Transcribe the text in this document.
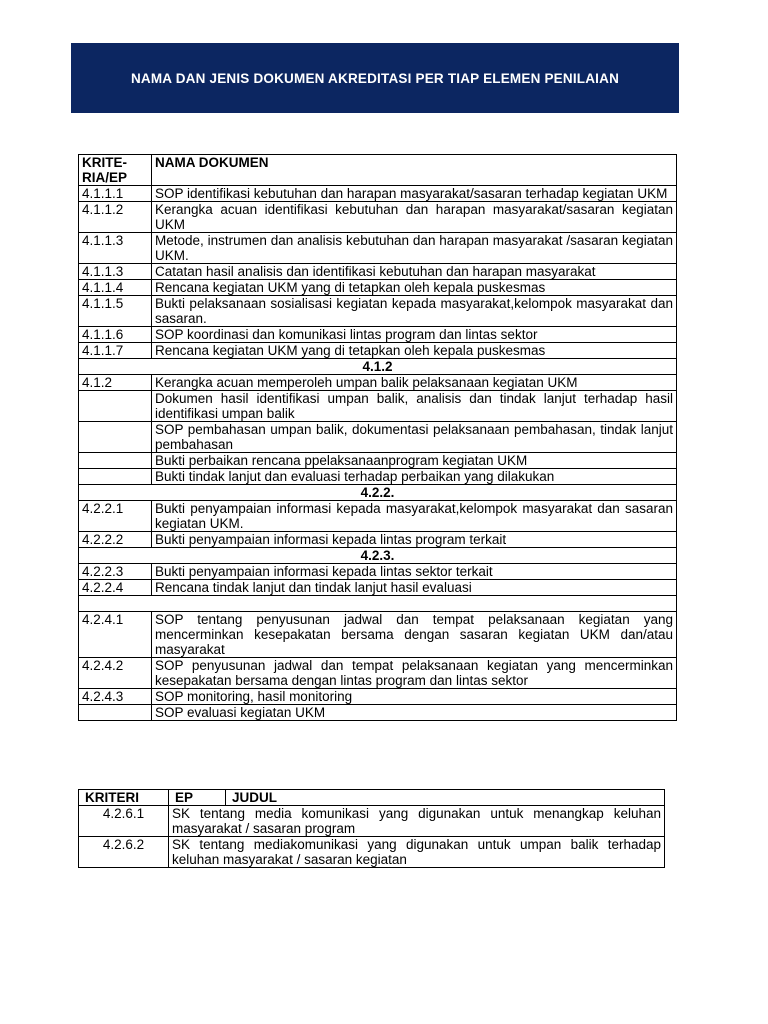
NAMA DAN JENIS DOKUMEN AKREDITASI PER TIAP ELEMEN PENILAIAN
KRITE-
RIA/EP	NAMA DOKUMEN
4.1.1.1	SOP identifikasi kebutuhan dan harapan masyarakat/sasaran terhadap kegiatan UKM
4.1.1.2	Kerangka acuan identifikasi kebutuhan dan harapan masyarakat/sasaran kegiatan UKM
4.1.1.3	Metode, instrumen dan analisis kebutuhan dan harapan masyarakat /sasaran kegiatan UKM.
4.1.1.3	Catatan hasil analisis dan identifikasi kebutuhan dan harapan masyarakat
4.1.1.4	Rencana kegiatan UKM yang di tetapkan oleh kepala puskesmas
4.1.1.5	Bukti pelaksanaan sosialisasi kegiatan kepada masyarakat,kelompok masyarakat dan sasaran.
4.1.1.6	SOP koordinasi dan komunikasi lintas program dan lintas sektor
4.1.1.7	Rencana kegiatan UKM yang di tetapkan oleh kepala puskesmas
4.1.2	
4.1.2	Kerangka acuan memperoleh umpan balik pelaksanaan kegiatan UKM
	Dokumen hasil identifikasi umpan balik, analisis dan tindak lanjut terhadap hasil identifikasi umpan balik
	SOP pembahasan umpan balik, dokumentasi pelaksanaan pembahasan, tindak lanjut pembahasan
	Bukti perbaikan rencana ppelaksanaanprogram kegiatan UKM
	Bukti tindak lanjut dan evaluasi terhadap perbaikan yang dilakukan
4.2.2.	
4.2.2.1	Bukti penyampaian informasi kepada masyarakat,kelompok masyarakat dan sasaran kegiatan UKM.
4.2.2.2	Bukti penyampaian informasi kepada lintas program terkait
4.2.3.	
4.2.2.3	Bukti penyampaian informasi kepada lintas sektor terkait
4.2.2.4	Rencana tindak lanjut dan tindak lanjut hasil evaluasi

4.2.4.1	SOP tentang penyusunan jadwal dan tempat pelaksanaan kegiatan yang mencerminkan kesepakatan bersama dengan sasaran kegiatan UKM dan/atau masyarakat
4.2.4.2	SOP penyusunan jadwal dan tempat pelaksanaan kegiatan yang mencerminkan kesepakatan bersama dengan lintas program dan lintas sektor
4.2.4.3	SOP monitoring, hasil monitoring
	SOP evaluasi kegiatan UKM
KRITERI	EP	JUDUL
4.2.6.1	SK tentang media komunikasi yang digunakan untuk menangkap keluhan masyarakat / sasaran program	
4.2.6.2	SK tentang mediakomunikasi yang digunakan untuk umpan balik terhadap keluhan masyarakat / sasaran kegiatan	
